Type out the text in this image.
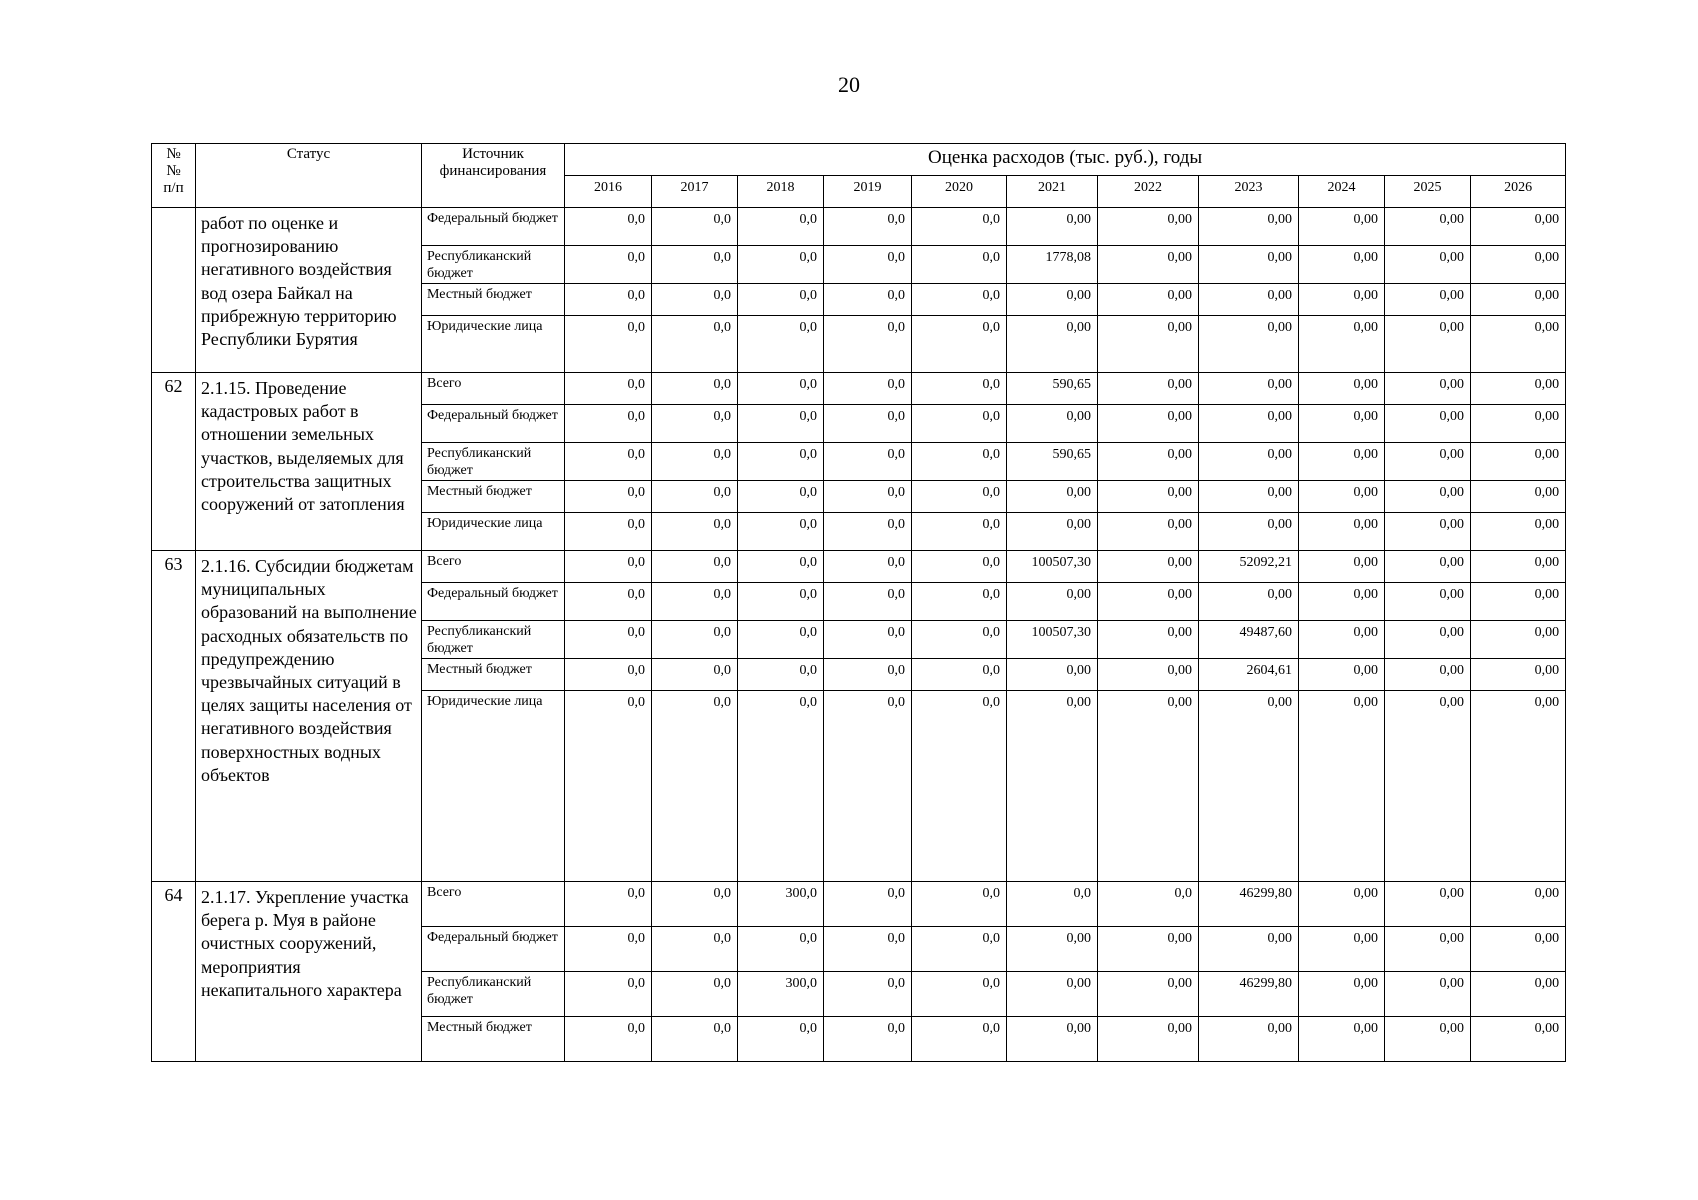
20
№
№
п/п	Статус	Источник финансирования	Оценка расходов (тыс. руб.), годы										
			2016	2017	2018	2019	2020	2021	2022	2023	2024	2025	2026
	работ по оценке и прогнозированию негативного воздействия вод озера Байкал на прибрежную территорию Республики Бурятия	Федеральный бюджет	0,0	0,0	0,0	0,0	0,0	0,00	0,00	0,00	0,00	0,00	0,00
		Республиканский бюджет	0,0	0,0	0,0	0,0	0,0	1778,08	0,00	0,00	0,00	0,00	0,00
		Местный бюджет	0,0	0,0	0,0	0,0	0,0	0,00	0,00	0,00	0,00	0,00	0,00
		Юридические лица	0,0	0,0	0,0	0,0	0,0	0,00	0,00	0,00	0,00	0,00	0,00
62	2.1.15. Проведение кадастровых работ в отношении земельных участков, выделяемых для строительства защитных сооружений от затопления	Всего	0,0	0,0	0,0	0,0	0,0	590,65	0,00	0,00	0,00	0,00	0,00
		Федеральный бюджет	0,0	0,0	0,0	0,0	0,0	0,00	0,00	0,00	0,00	0,00	0,00
		Республиканский бюджет	0,0	0,0	0,0	0,0	0,0	590,65	0,00	0,00	0,00	0,00	0,00
		Местный бюджет	0,0	0,0	0,0	0,0	0,0	0,00	0,00	0,00	0,00	0,00	0,00
		Юридические лица	0,0	0,0	0,0	0,0	0,0	0,00	0,00	0,00	0,00	0,00	0,00
63	2.1.16. Субсидии бюджетам муниципальных образований на выполнение расходных обязательств по предупреждению чрезвычайных ситуаций в целях защиты населения от негативного воздействия поверхностных водных объектов	Всего	0,0	0,0	0,0	0,0	0,0	100507,30	0,00	52092,21	0,00	0,00	0,00
		Федеральный бюджет	0,0	0,0	0,0	0,0	0,0	0,00	0,00	0,00	0,00	0,00	0,00
		Республиканский бюджет	0,0	0,0	0,0	0,0	0,0	100507,30	0,00	49487,60	0,00	0,00	0,00
		Местный бюджет	0,0	0,0	0,0	0,0	0,0	0,00	0,00	2604,61	0,00	0,00	0,00
		Юридические лица	0,0	0,0	0,0	0,0	0,0	0,00	0,00	0,00	0,00	0,00	0,00
64	2.1.17. Укрепление участка берега р. Муя в районе очистных сооружений, мероприятия некапитального характера	Всего	0,0	0,0	300,0	0,0	0,0	0,0	0,0	46299,80	0,00	0,00	0,00
		Федеральный бюджет	0,0	0,0	0,0	0,0	0,0	0,00	0,00	0,00	0,00	0,00	0,00
		Республиканский бюджет	0,0	0,0	300,0	0,0	0,0	0,00	0,00	46299,80	0,00	0,00	0,00
		Местный бюджет	0,0	0,0	0,0	0,0	0,0	0,00	0,00	0,00	0,00	0,00	0,00
